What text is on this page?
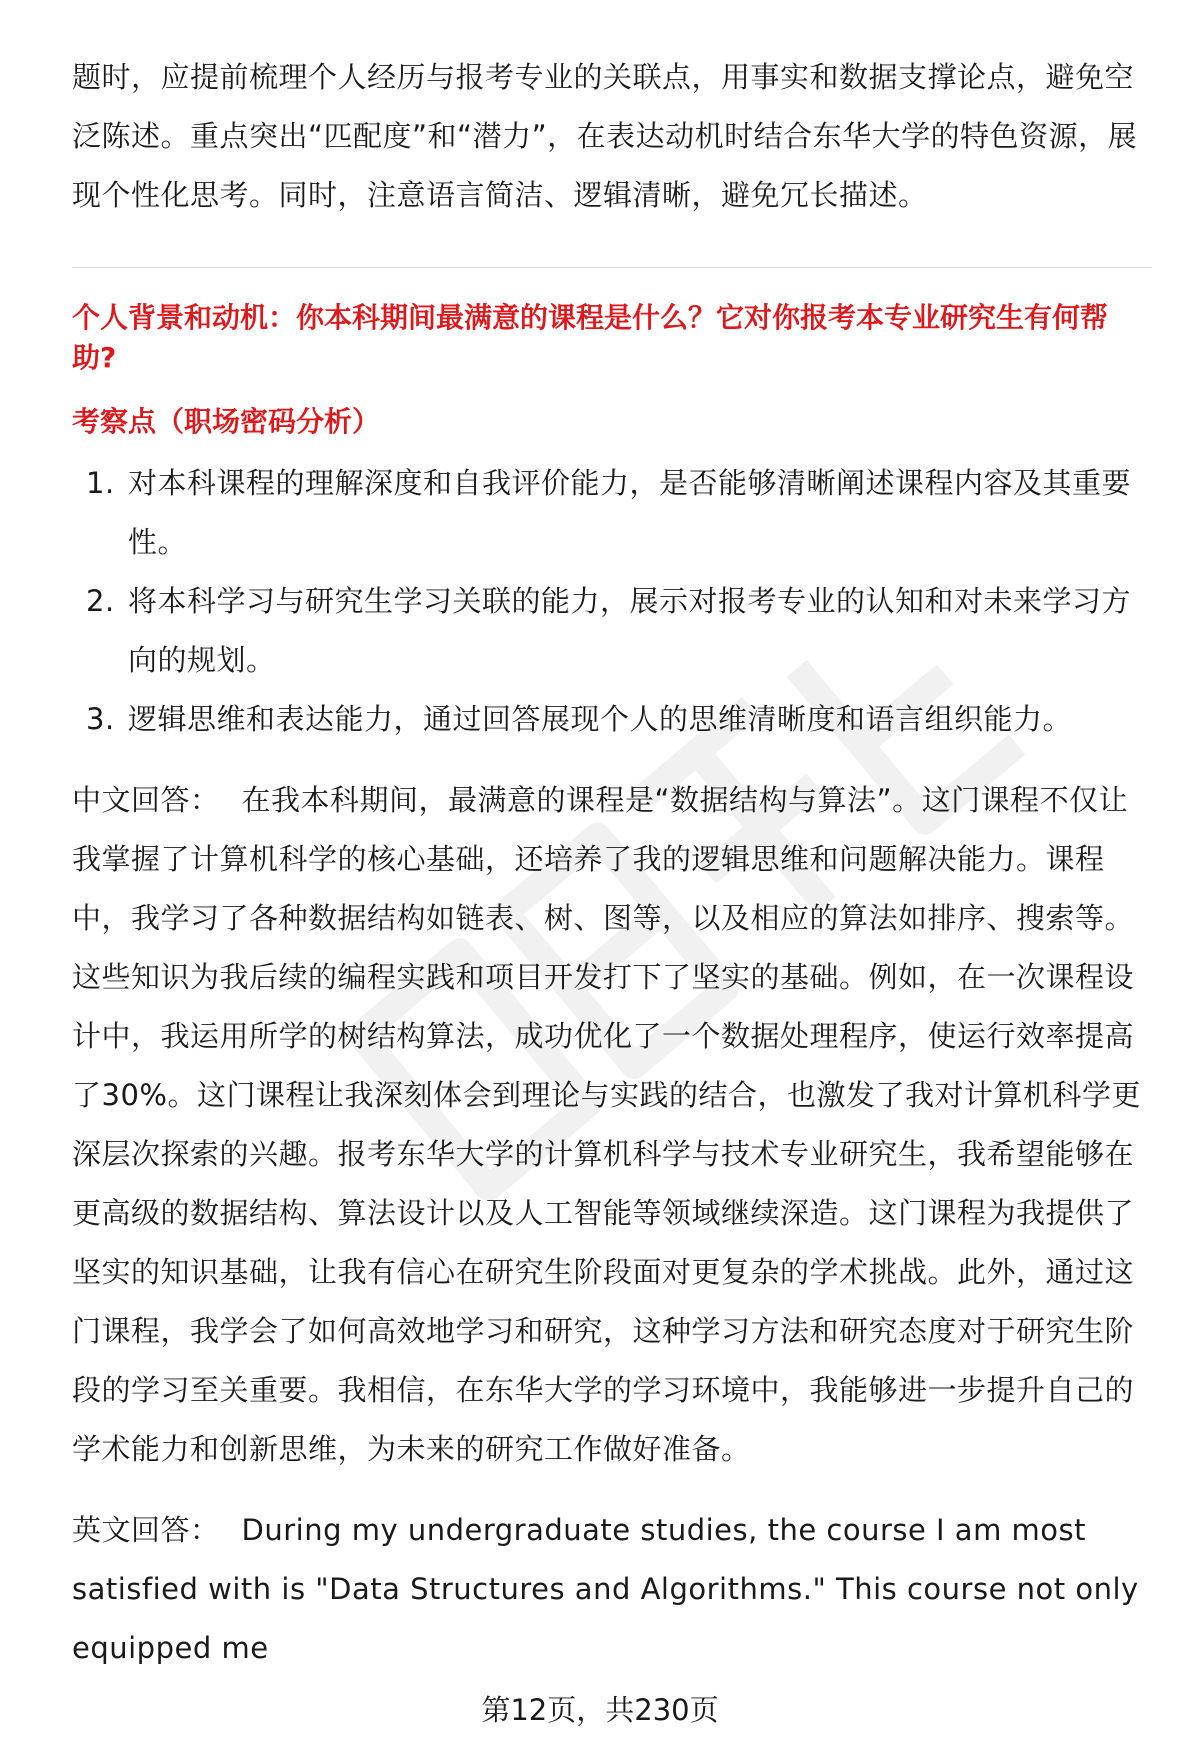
题时，应提前梳理个人经历与报考专业的关联点，用事实和数据支撑论点，避免空泛陈述。重点突出“匹配度”和“潜力”，在表达动机时结合东华大学的特色资源，展现个性化思考。同时，注意语言简洁、逻辑清晰，避免冗长描述。

个人背景和动机：你本科期间最满意的课程是什么？它对你报考本专业研究生有何帮助?

考察点（职场密码分析）

1. 对本科课程的理解深度和自我评价能力，是否能够清晰阐述课程内容及其重要性。
2. 将本科学习与研究生学习关联的能力，展示对报考专业的认知和对未来学习方向的规划。
3. 逻辑思维和表达能力，通过回答展现个人的思维清晰度和语言组织能力。

中文回答： 在我本科期间，最满意的课程是“数据结构与算法”。这门课程不仅让我掌握了计算机科学的核心基础，还培养了我的逻辑思维和问题解决能力。课程中，我学习了各种数据结构如链表、树、图等，以及相应的算法如排序、搜索等。这些知识为我后续的编程实践和项目开发打下了坚实的基础。例如，在一次课程设计中，我运用所学的树结构算法，成功优化了一个数据处理程序，使运行效率提高了30%。这门课程让我深刻体会到理论与实践的结合，也激发了我对计算机科学更深层次探索的兴趣。报考东华大学的计算机科学与技术专业研究生，我希望能够在更高级的数据结构、算法设计以及人工智能等领域继续深造。这门课程为我提供了坚实的知识基础，让我有信心在研究生阶段面对更复杂的学术挑战。此外，通过这门课程，我学会了如何高效地学习和研究，这种学习方法和研究态度对于研究生阶段的学习至关重要。我相信，在东华大学的学习环境中，我能够进一步提升自己的学术能力和创新思维，为未来的研究工作做好准备。

英文回答： During my undergraduate studies, the course I am most satisfied with is "Data Structures and Algorithms." This course not only equipped me

第12页，共230页
